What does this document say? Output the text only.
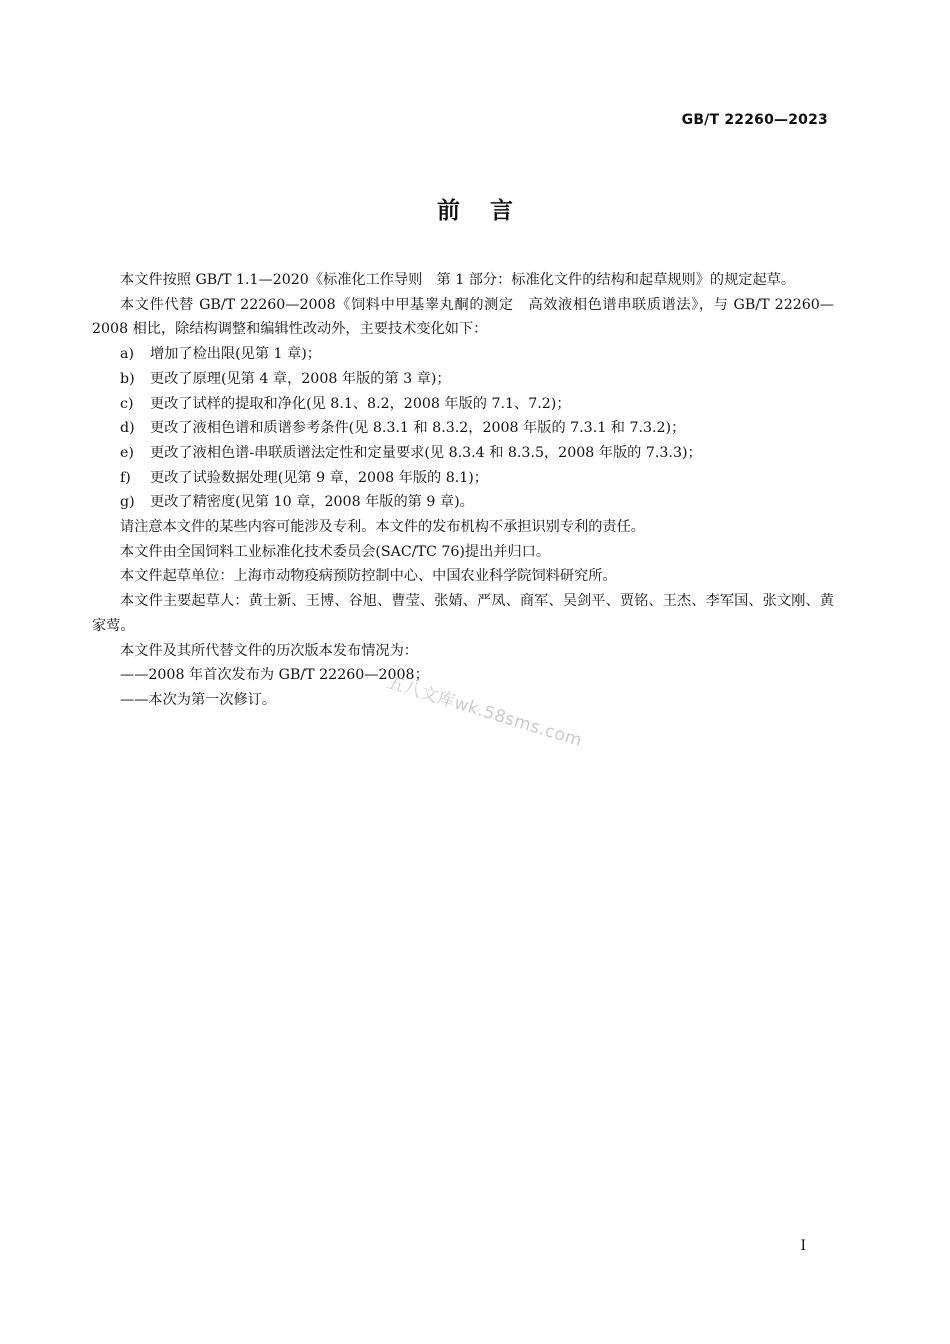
GB/T 22260—2023
前言

本文件按照 GB/T 1.1—2020《标准化工作导则　第 1 部分：标准化文件的结构和起草规则》的规定起草。

本文件代替 GB/T 22260—2008《饲料中甲基睾丸酮的测定　高效液相色谱串联质谱法》，与 GB/T 22260—2008 相比，除结构调整和编辑性改动外，主要技术变化如下：

a) 增加了检出限(见第 1 章)；

b) 更改了原理(见第 4 章，2008 年版的第 3 章)；

c) 更改了试样的提取和净化(见 8.1、8.2，2008 年版的 7.1、7.2)；

d) 更改了液相色谱和质谱参考条件(见 8.3.1 和 8.3.2，2008 年版的 7.3.1 和 7.3.2)；

e) 更改了液相色谱-串联质谱法定性和定量要求(见 8.3.4 和 8.3.5，2008 年版的 7.3.3)；

f) 更改了试验数据处理(见第 9 章，2008 年版的 8.1)；

g) 更改了精密度(见第 10 章，2008 年版的第 9 章)。

请注意本文件的某些内容可能涉及专利。本文件的发布机构不承担识别专利的责任。

本文件由全国饲料工业标准化技术委员会(SAC/TC 76)提出并归口。

本文件起草单位：上海市动物疫病预防控制中心、中国农业科学院饲料研究所。

本文件主要起草人：黄士新、王博、谷旭、曹莹、张婧、严凤、商军、吴剑平、贾铭、王杰、李军国、张文刚、黄家莺。

本文件及其所代替文件的历次版本发布情况为：

——2008 年首次发布为 GB/T 22260—2008；

——本次为第一次修订。	五八文库wk.58sms.com
I
